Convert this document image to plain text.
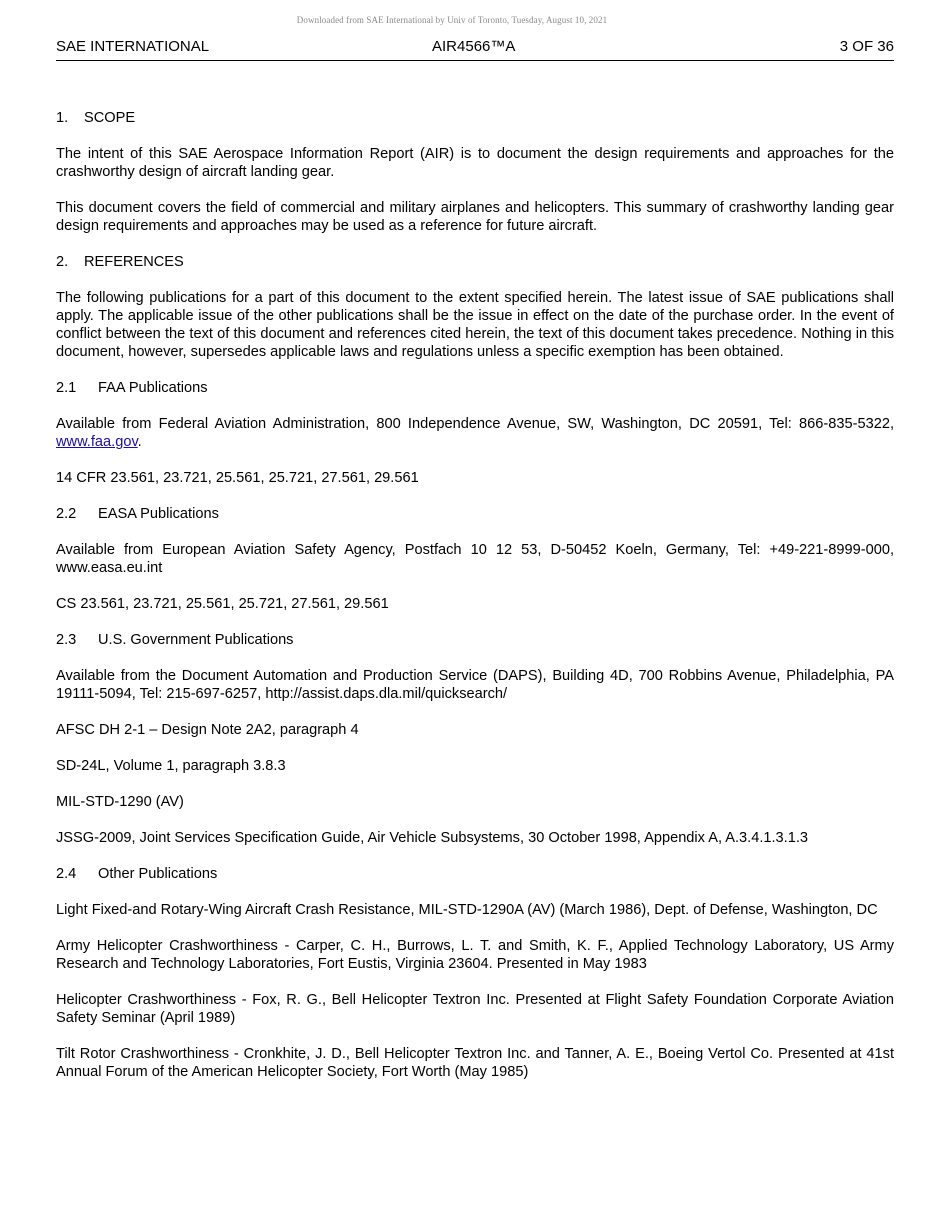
Downloaded from SAE International by Univ of Toronto, Tuesday, August 10, 2021
SAE INTERNATIONAL	AIR4566™A	3 OF 36
1. SCOPE

The intent of this SAE Aerospace Information Report (AIR) is to document the design requirements and approaches for the crashworthy design of aircraft landing gear.

This document covers the field of commercial and military airplanes and helicopters. This summary of crashworthy landing gear design requirements and approaches may be used as a reference for future aircraft.

2. REFERENCES

The following publications for a part of this document to the extent specified herein. The latest issue of SAE publications shall apply. The applicable issue of the other publications shall be the issue in effect on the date of the purchase order. In the event of conflict between the text of this document and references cited herein, the text of this document takes precedence. Nothing in this document, however, supersedes applicable laws and regulations unless a specific exemption has been obtained.

2.1 FAA Publications

Available from Federal Aviation Administration, 800 Independence Avenue, SW, Washington, DC 20591, Tel: 866-835-5322, www.faa.gov.

14 CFR 23.561, 23.721, 25.561, 25.721, 27.561, 29.561

2.2 EASA Publications

Available from European Aviation Safety Agency, Postfach 10 12 53, D-50452 Koeln, Germany, Tel: +49-221-8999-000, www.easa.eu.int

CS 23.561, 23.721, 25.561, 25.721, 27.561, 29.561

2.3 U.S. Government Publications

Available from the Document Automation and Production Service (DAPS), Building 4D, 700 Robbins Avenue, Philadelphia, PA 19111-5094, Tel: 215-697-6257, http://assist.daps.dla.mil/quicksearch/

AFSC DH 2-1 – Design Note 2A2, paragraph 4

SD-24L, Volume 1, paragraph 3.8.3

MIL-STD-1290 (AV)

JSSG-2009, Joint Services Specification Guide, Air Vehicle Subsystems, 30 October 1998, Appendix A, A.3.4.1.3.1.3

2.4 Other Publications

Light Fixed-and Rotary-Wing Aircraft Crash Resistance, MIL-STD-1290A (AV) (March 1986), Dept. of Defense, Washington, DC

Army Helicopter Crashworthiness - Carper, C. H., Burrows, L. T. and Smith, K. F., Applied Technology Laboratory, US Army Research and Technology Laboratories, Fort Eustis, Virginia 23604. Presented in May 1983

Helicopter Crashworthiness - Fox, R. G., Bell Helicopter Textron Inc. Presented at Flight Safety Foundation Corporate Aviation Safety Seminar (April 1989)

Tilt Rotor Crashworthiness - Cronkhite, J. D., Bell Helicopter Textron Inc. and Tanner, A. E., Boeing Vertol Co. Presented at 41st Annual Forum of the American Helicopter Society, Fort Worth (May 1985)
